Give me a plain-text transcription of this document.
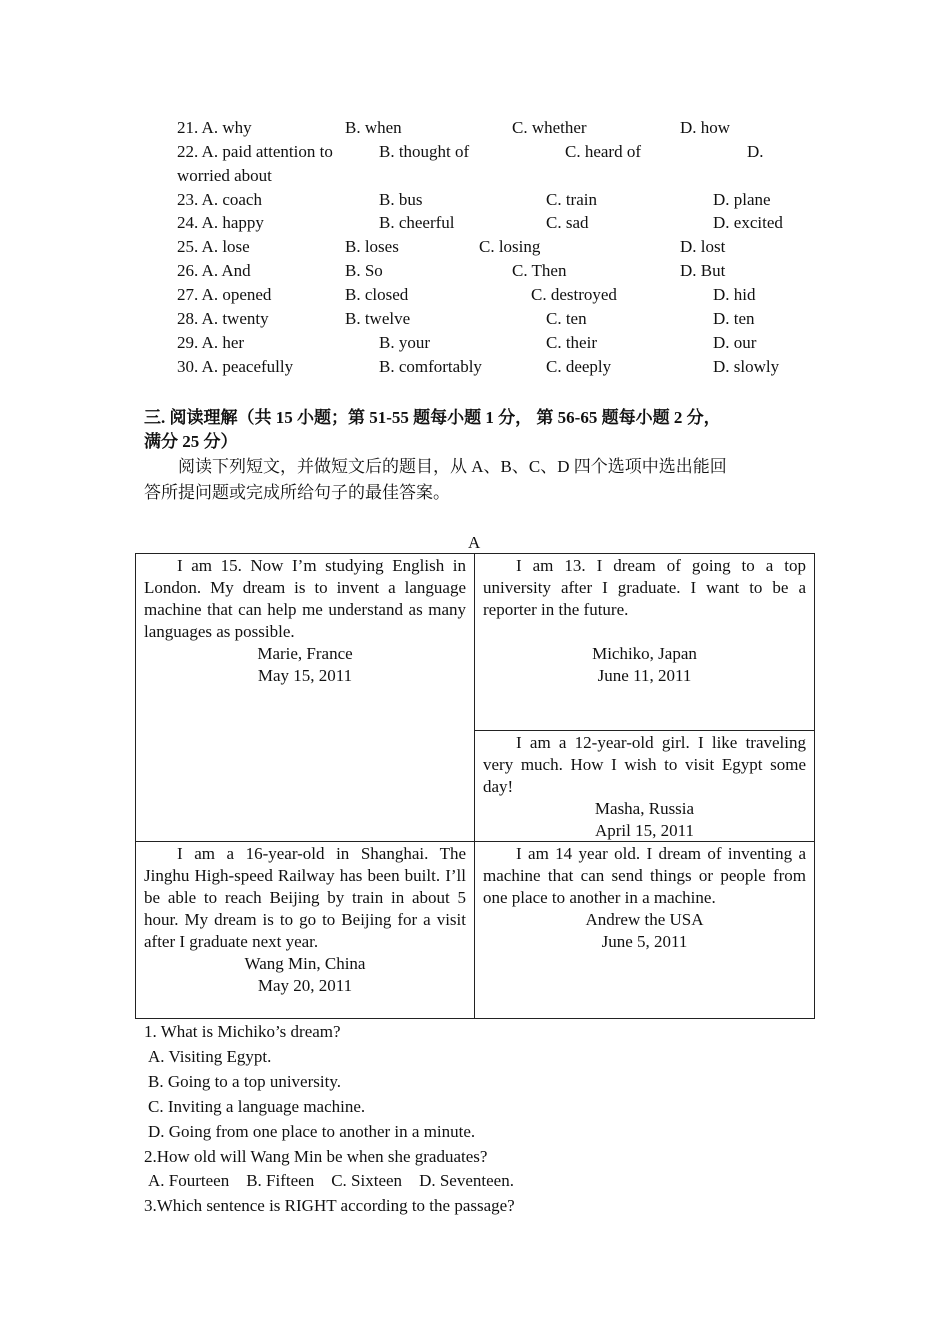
21. A. why	B. when	C. whether	D. how
22. A. paid attention to	B. thought of	C. heard of	D.
worried about
23. A. coach	B. bus	C. train	D. plane
24. A. happy	B. cheerful	C. sad	D. excited
25. A. lose	B. loses	C. losing	D. lost
26. A. And	B. So	C. Then	D. But
27. A. opened	B. closed	C. destroyed	D. hid
28. A. twenty	B. twelve	C. ten	D. ten
29. A. her	B. your	C. their	D. our
30. A. peacefully	B. comfortably	C. deeply	D. slowly
三. 阅读理解（共 15 小题；第 51-55 题每小题 1 分， 第 56-65 题每小题 2 分，
满分 25 分）
阅读下列短文，并做短文后的题目，从 A、B、C、D 四个选项中选出能回
答所提问题或完成所给句子的最佳答案。
A
I am 15. Now I’m studying English in London. My dream is to invent a language machine that can help me understand as many languages as possible.
Marie, France
May 15, 2011
I am 13. I dream of going to a top university after I graduate. I want to be a reporter in the future.
Michiko, Japan
June 11, 2011
I am a 12-year-old girl. I like traveling very much. How I wish to visit Egypt some day!
Masha, Russia
April 15, 2011
I am a 16-year-old in Shanghai. The Jinghu High-speed Railway has been built. I’ll be able to reach Beijing by train in about 5 hour. My dream is to go to Beijing for a visit after I graduate next year.
Wang Min, China
May 20, 2011
I am 14 year old. I dream of inventing a machine that can send things or people from one place to another in a machine.
Andrew the USA
June 5, 2011
1. What is Michiko’s dream?
A. Visiting Egypt.
B. Going to a top university.
C. Inviting a language machine.
D. Going from one place to another in a minute.
2.How old will Wang Min be when she graduates?
A. Fourteen B. Fifteen C. Sixteen D. Seventeen.
3.Which sentence is RIGHT according to the passage?
